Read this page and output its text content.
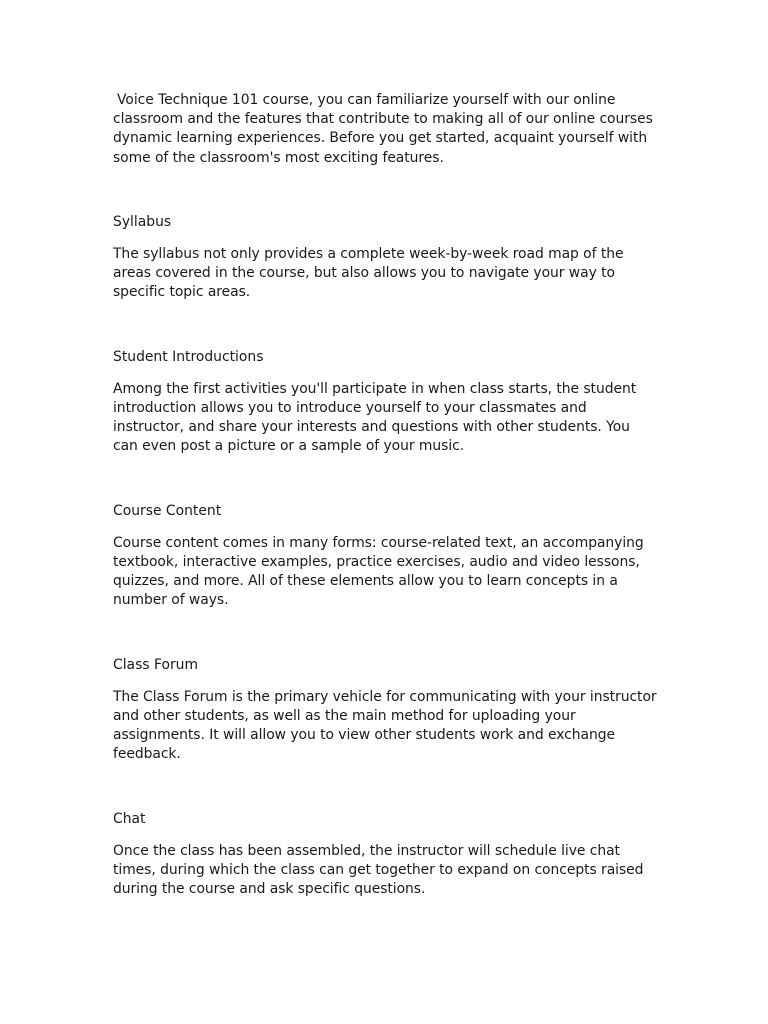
Voice Technique 101 course, you can familiarize yourself with our online classroom and the features that contribute to making all of our online courses dynamic learning experiences. Before you get started, acquaint yourself with some of the classroom's most exciting features.

Syllabus

The syllabus not only provides a complete week-by-week road map of the areas covered in the course, but also allows you to navigate your way to specific topic areas.

Student Introductions

Among the first activities you'll participate in when class starts, the student introduction allows you to introduce yourself to your classmates and instructor, and share your interests and questions with other students. You can even post a picture or a sample of your music.

Course Content

Course content comes in many forms: course-related text, an accompanying textbook, interactive examples, practice exercises, audio and video lessons, quizzes, and more. All of these elements allow you to learn concepts in a number of ways.

Class Forum

The Class Forum is the primary vehicle for communicating with your instructor and other students, as well as the main method for uploading your assignments. It will allow you to view other students work and exchange feedback.

Chat

Once the class has been assembled, the instructor will schedule live chat times, during which the class can get together to expand on concepts raised during the course and ask specific questions.
